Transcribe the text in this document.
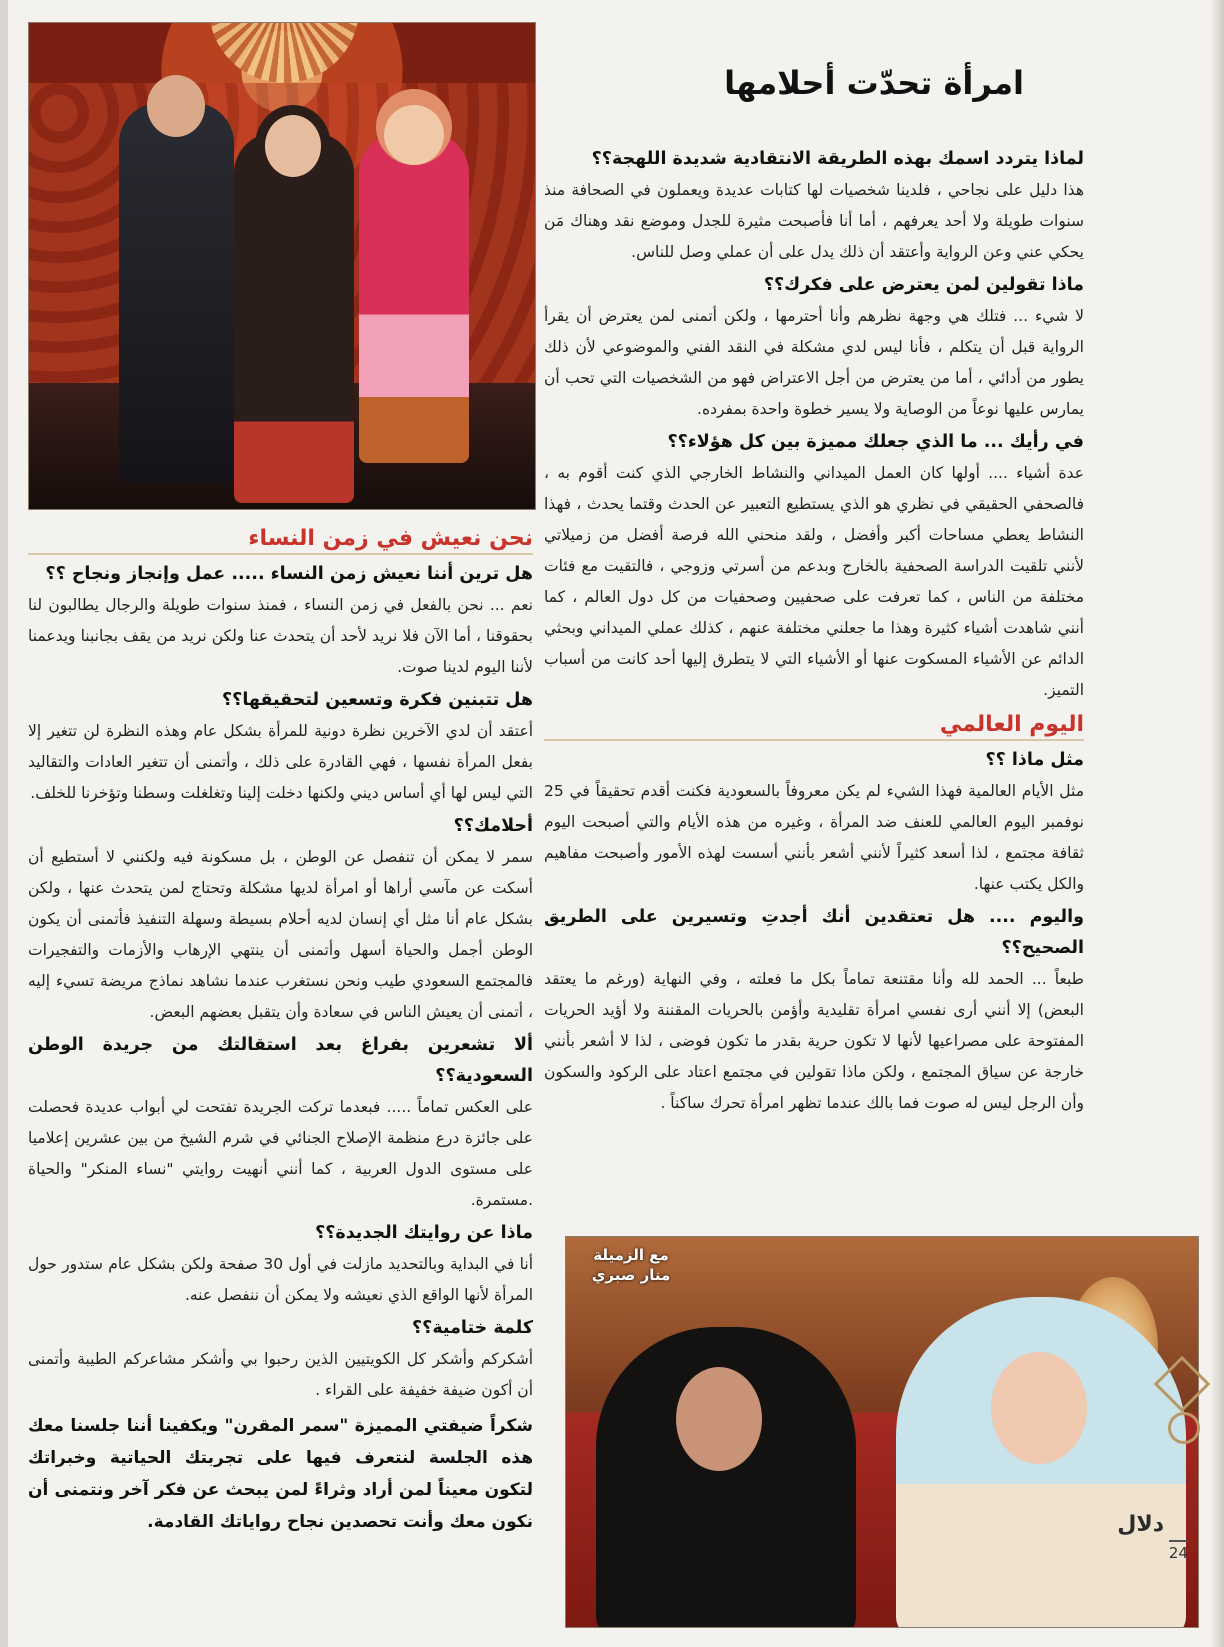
امرأة تحدّت أحلامها

لماذا يتردد اسمك بهذه الطريقة الانتقادية شديدة اللهجة؟؟

هذا دليل على نجاحي ، فلدينا شخصيات لها كتابات عديدة ويعملون في الصحافة منذ سنوات طويلة ولا أحد يعرفهم ، أما أنا فأصبحت مثيرة للجدل وموضع نقد وهناك مَن يحكي عني وعن الرواية وأعتقد أن ذلك يدل على أن عملي وصل للناس.

ماذا تقولين لمن يعترض على فكرك؟؟

لا شيء ... فتلك هي وجهة نظرهم وأنا أحترمها ، ولكن أتمنى لمن يعترض أن يقرأ الرواية قبل أن يتكلم ، فأنا ليس لدي مشكلة في النقد الفني والموضوعي لأن ذلك يطور من أدائي ، أما من يعترض من أجل الاعتراض فهو من الشخصيات التي تحب أن يمارس عليها نوعاً من الوصاية ولا يسير خطوة واحدة بمفرده.

في رأيك ... ما الذي جعلك مميزة بين كل هؤلاء؟؟

عدة أشياء .... أولها كان العمل الميداني والنشاط الخارجي الذي كنت أقوم به ، فالصحفي الحقيقي في نظري هو الذي يستطيع التعبير عن الحدث وقتما يحدث ، فهذا النشاط يعطي مساحات أكبر وأفضل ، ولقد منحني الله فرصة أفضل من زميلاتي لأنني تلقيت الدراسة الصحفية بالخارج وبدعم من أسرتي وزوجي ، فالتقيت مع فئات مختلفة من الناس ، كما تعرفت على صحفيين وصحفيات من كل دول العالم ، كما أنني شاهدت أشياء كثيرة وهذا ما جعلني مختلفة عنهم ، كذلك عملي الميداني وبحثي الدائم عن الأشياء المسكوت عنها أو الأشياء التي لا يتطرق إليها أحد كانت من أسباب التميز.

اليوم العالمي

مثل ماذا ؟؟

مثل الأيام العالمية فهذا الشيء لم يكن معروفاً بالسعودية فكنت أقدم تحقيقاً في 25 نوفمبر اليوم العالمي للعنف ضد المرأة ، وغيره من هذه الأيام والتي أصبحت اليوم ثقافة مجتمع ، لذا أسعد كثيراً لأنني أشعر بأنني أسست لهذه الأمور وأصبحت مفاهيم والكل يكتب عنها.

واليوم .... هل تعتقدين أنك أجدتِ وتسيرين على الطريق الصحيح؟؟

طبعاً ... الحمد لله وأنا مقتنعة تماماً بكل ما فعلته ، وفي النهاية (ورغم ما يعتقد البعض) إلا أنني أرى نفسي امرأة تقليدية وأؤمن بالحريات المقننة ولا أؤيد الحريات المفتوحة على مصراعيها لأنها لا تكون حرية بقدر ما تكون فوضى ، لذا لا أشعر بأنني خارجة عن سياق المجتمع ، ولكن ماذا تقولين في مجتمع اعتاد على الركود والسكون وأن الرجل ليس له صوت فما بالك عندما تظهر امرأة تحرك ساكناً .

نحن نعيش في زمن النساء

هل ترين أننا نعيش زمن النساء ..... عمل وإنجاز ونجاح ؟؟

نعم ... نحن بالفعل في زمن النساء ، فمنذ سنوات طويلة والرجال يطالبون لنا بحقوقنا ، أما الآن فلا نريد لأحد أن يتحدث عنا ولكن نريد من يقف بجانبنا ويدعمنا لأننا اليوم لدينا صوت.

هل تتبنين فكرة وتسعين لتحقيقها؟؟

أعتقد أن لدي الآخرين نظرة دونية للمرأة بشكل عام وهذه النظرة لن تتغير إلا بفعل المرأة نفسها ، فهي القادرة على ذلك ، وأتمنى أن تتغير العادات والتقاليد التي ليس لها أي أساس ديني ولكنها دخلت إلينا وتغلغلت وسطنا وتؤخرنا للخلف.

أحلامك؟؟

سمر لا يمكن أن تنفصل عن الوطن ، بل مسكونة فيه ولكنني لا أستطيع أن أسكت عن مآسي أراها أو امرأة لديها مشكلة وتحتاج لمن يتحدث عنها ، ولكن بشكل عام أنا مثل أي إنسان لديه أحلام بسيطة وسهلة التنفيذ فأتمنى أن يكون الوطن أجمل والحياة أسهل وأتمنى أن ينتهي الإرهاب والأزمات والتفجيرات فالمجتمع السعودي طيب ونحن نستغرب عندما نشاهد نماذج مريضة تسيء إليه ، أتمنى أن يعيش الناس في سعادة وأن يتقبل بعضهم البعض.

ألا تشعرين بفراغ بعد استقالتك من جريدة الوطن السعودية؟؟

على العكس تماماً ..... فبعدما تركت الجريدة تفتحت لي أبواب عديدة فحصلت على جائزة درع منظمة الإصلاح الجنائي في شرم الشيخ من بين عشرين إعلاميا على مستوى الدول العربية ، كما أنني أنهيت روايتي "نساء المنكر" والحياة .مستمرة.

ماذا عن روايتك الجديدة؟؟

أنا في البداية وبالتحديد مازلت في أول 30 صفحة ولكن بشكل عام ستدور حول المرأة لأنها الواقع الذي نعيشه ولا يمكن أن ننفصل عنه.

كلمة ختامية؟؟

أشكركم وأشكر كل الكويتيين الذين رحبوا بي وأشكر مشاعركم الطيبة وأتمنى أن أكون ضيفة خفيفة على القراء .

شكراً ضيفتي المميزة "سمر المقرن" ويكفينا أننا جلسنا معك هذه الجلسة لنتعرف فيها على تجربتك الحياتية وخبراتك لتكون معيناً لمن أراد وثراءً لمن يبحث عن فكر آخر ونتمنى أن نكون معك وأنت تحصدين نجاح رواياتك القادمة.

مع الزميلة
منار صبري
دلال
24
